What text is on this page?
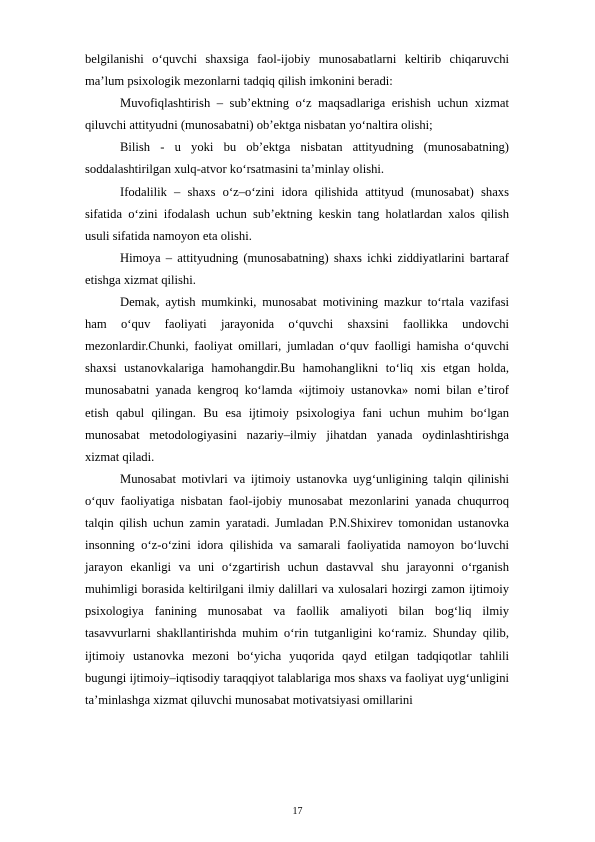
belgilanishi o‘quvchi shaxsiga faol-ijobiy munosabatlarni keltirib chiqaruvchi ma’lum psixologik mezonlarni tadqiq qilish imkonini beradi:

Muvofiqlashtirish – sub’ektning o‘z maqsadlariga erishish uchun xizmat qiluvchi attityudni (munosabatni) ob’ektga nisbatan yo‘naltira olishi;

Bilish - u yoki bu ob’ektga nisbatan attityudning (munosabatning) soddalashtirilgan xulq-atvor ko‘rsatmasini ta’minlay olishi.

Ifodalilik – shaxs o‘z–o‘zini idora qilishida attityud (munosabat) shaxs sifatida o‘zini ifodalash uchun sub’ektning keskin tang holatlardan xalos qilish usuli sifatida namoyon eta olishi.

Himoya – attityudning (munosabatning) shaxs ichki ziddiyatlarini bartaraf etishga xizmat qilishi.

Demak, aytish mumkinki, munosabat motivining mazkur to‘rtala vazifasi ham o‘quv faoliyati jarayonida o‘quvchi shaxsini faollikka undovchi mezonlardir.Chunki, faoliyat omillari, jumladan o‘quv faolligi hamisha o‘quvchi shaxsi ustanovkalariga hamohangdir.Bu hamohanglikni to‘liq xis etgan holda, munosabatni yanada kengroq ko‘lamda «ijtimoiy ustanovka» nomi bilan e’tirof etish qabul qilingan. Bu esa ijtimoiy psixologiya fani uchun muhim bo‘lgan munosabat metodologiyasini nazariy–ilmiy jihatdan yanada oydinlashtirishga xizmat qiladi.

Munosabat motivlari va ijtimoiy ustanovka uyg‘unligining talqin qilinishi o‘quv faoliyatiga nisbatan faol-ijobiy munosabat mezonlarini yanada chuqurroq talqin qilish uchun zamin yaratadi. Jumladan P.N.Shixirev tomonidan ustanovka insonning o‘z-o‘zini idora qilishida va samarali faoliyatida namoyon bo‘luvchi jarayon ekanligi va uni o‘zgartirish uchun dastavval shu jarayonni o‘rganish muhimligi borasida keltirilgani ilmiy dalillari va xulosalari hozirgi zamon ijtimoiy psixologiya fanining munosabat va faollik amaliyoti bilan bog‘liq ilmiy tasavvurlarni shakllantirishda muhim o‘rin tutganligini ko‘ramiz. Shunday qilib, ijtimoiy ustanovka mezoni bo‘yicha yuqorida qayd etilgan tadqiqotlar tahlili bugungi ijtimoiy–iqtisodiy taraqqiyot talablariga mos shaxs va faoliyat uyg‘unligini ta’minlashga xizmat qiluvchi munosabat motivatsiyasi omillarini

17
